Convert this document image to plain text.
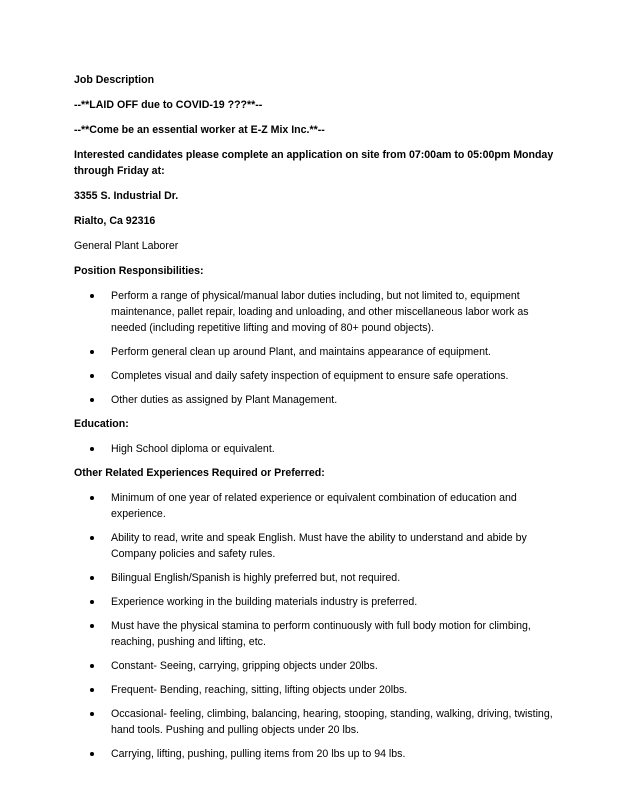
Job Description

--**LAID OFF due to COVID-19 ???**--

--**Come be an essential worker at E-Z Mix Inc.**--

Interested candidates please complete an application on site from 07:00am to 05:00pm Monday through Friday at:

3355 S. Industrial Dr.

Rialto, Ca 92316

General Plant Laborer

Position Responsibilities:

Perform a range of physical/manual labor duties including, but not limited to, equipment maintenance, pallet repair, loading and unloading, and other miscellaneous labor work as needed (including repetitive lifting and moving of 80+ pound objects).
Perform general clean up around Plant, and maintains appearance of equipment.
Completes visual and daily safety inspection of equipment to ensure safe operations.
Other duties as assigned by Plant Management.

Education:

High School diploma or equivalent.

Other Related Experiences Required or Preferred:

Minimum of one year of related experience or equivalent combination of education and experience.
Ability to read, write and speak English. Must have the ability to understand and abide by Company policies and safety rules.
Bilingual English/Spanish is highly preferred but, not required.
Experience working in the building materials industry is preferred.
Must have the physical stamina to perform continuously with full body motion for climbing, reaching, pushing and lifting, etc.
Constant- Seeing, carrying, gripping objects under 20lbs.
Frequent- Bending, reaching, sitting, lifting objects under 20lbs.
Occasional- feeling, climbing, balancing, hearing, stooping, standing, walking, driving, twisting, hand tools. Pushing and pulling objects under 20 lbs.
Carrying, lifting, pushing, pulling items from 20 lbs up to 94 lbs.
